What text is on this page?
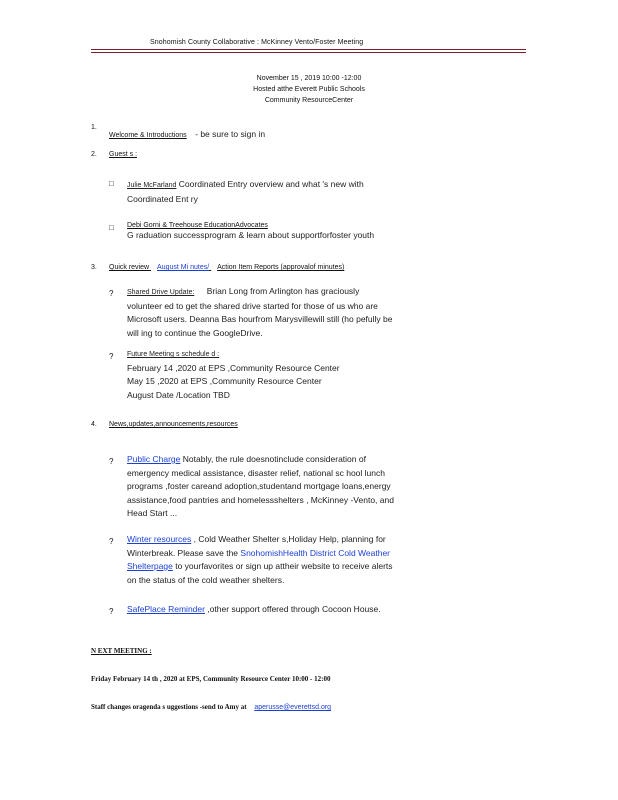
Snohomish County Collaborative : McKinney Vento/Foster Meeting
November 15 , 2019 10:00 -12:00
Hosted atthe Everett Public Schools
Community ResourceCenter
1.
Welcome & Introductions - be sure to sign in
2. Guest s :
□ Julie McFarland Coordinated Entry overview and what 's new with
Coordinated Ent ry
□ Debi Gorni & Treehouse EducationAdvocates
G raduation successprogram & learn about supportforfoster youth
3. Quick review August Mi nutes/ Action Item Reports (approvalof minutes)
? Shared Drive Update: Brian Long from Arlington has graciously
volunteer ed to get the shared drive started for those of us who are
Microsoft users. Deanna Bas hourfrom Marysvillewill still (ho pefully be
will ing to continue the GoogleDrive.
? Future Meeting s schedule d :
February 14 ,2020 at EPS ,Community Resource Center
May 15 ,2020 at EPS ,Community Resource Center
August Date /Location TBD
4. News,updates,announcements,resources
? Public Charge Notably, the rule doesnotinclude consideration of
emergency medical assistance, disaster relief, national sc hool lunch
programs ,foster careand adoption,studentand mortgage loans,energy
assistance,food pantries and homelessshelters , McKinney -Vento, and
Head Start ...
? Winter resources , Cold Weather Shelter s,Holiday Help, planning for
Winterbreak. Please save the SnohomishHealth District Cold Weather
Shelterpage to yourfavorites or sign up attheir website to receive alerts
on the status of the cold weather shelters.
? SafePlace Reminder ,other support offered through Cocoon House.
N EXT MEETING :
Friday February 14 th , 2020 at EPS, Community Resource Center 10:00 - 12:00
Staff changes oragenda s uggestions -send to Amy at aperusse@everettsd.org
